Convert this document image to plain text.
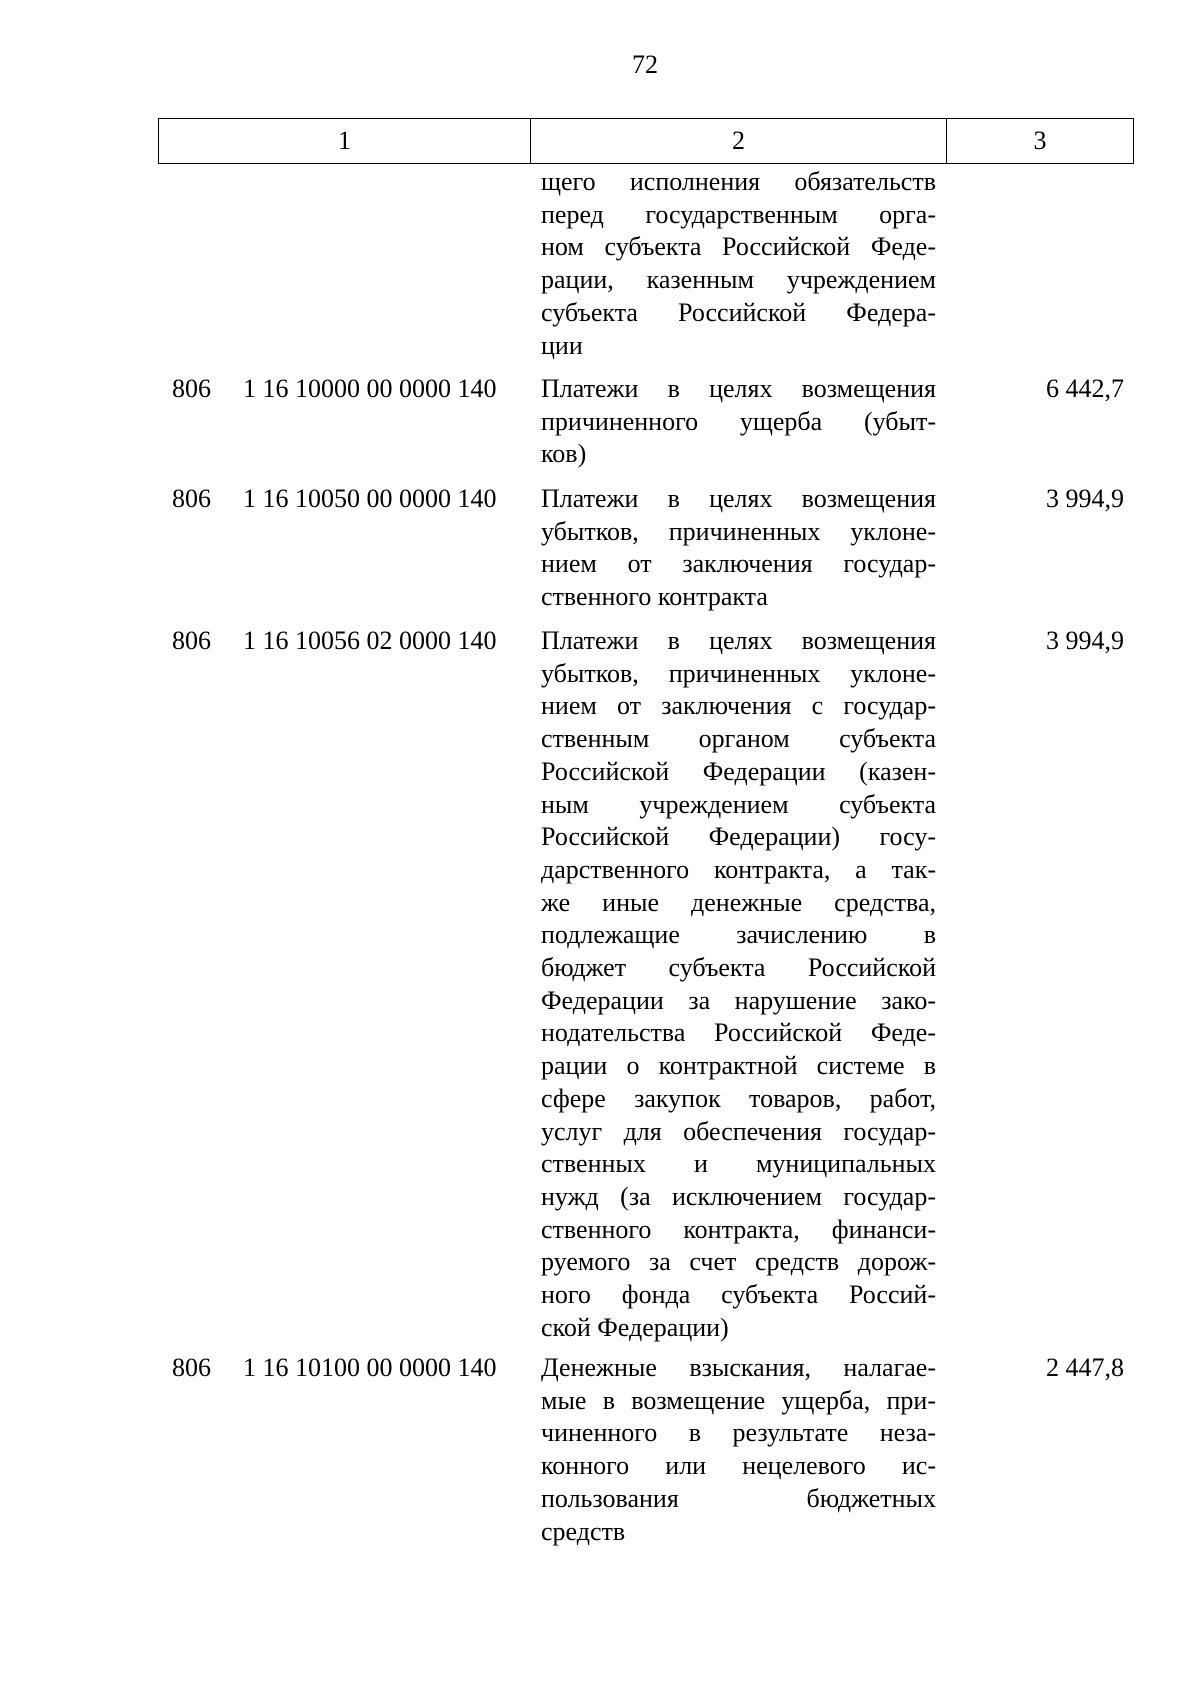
72
1	2	3
щего исполнения обязательств
перед государственным орга-
ном субъекта Российской Феде-
рации, казенным учреждением
субъекта Российской Федера-
ции
806 1 16 10000 00 0000 140 Платежи в целях возмещения
причиненного ущерба (убыт-
ков)
6 442,7
806 1 16 10050 00 0000 140 Платежи в целях возмещения
убытков, причиненных уклоне-
нием от заключения государ-
ственного контракта
3 994,9
806 1 16 10056 02 0000 140 Платежи в целях возмещения
убытков, причиненных уклоне-
нием от заключения с государ-
ственным органом субъекта
Российской Федерации (казен-
ным учреждением субъекта
Российской Федерации) госу-
дарственного контракта, а так-
же иные денежные средства,
подлежащие зачислению в
бюджет субъекта Российской
Федерации за нарушение зако-
нодательства Российской Феде-
рации о контрактной системе в
сфере закупок товаров, работ,
услуг для обеспечения государ-
ственных и муниципальных
нужд (за исключением государ-
ственного контракта, финанси-
руемого за счет средств дорож-
ного фонда субъекта Россий-
ской Федерации)
3 994,9
806 1 16 10100 00 0000 140 Денежные взыскания, налагае-
мые в возмещение ущерба, при-
чиненного в результате неза-
конного или нецелевого ис-
пользования бюджетных
средств
2 447,8
